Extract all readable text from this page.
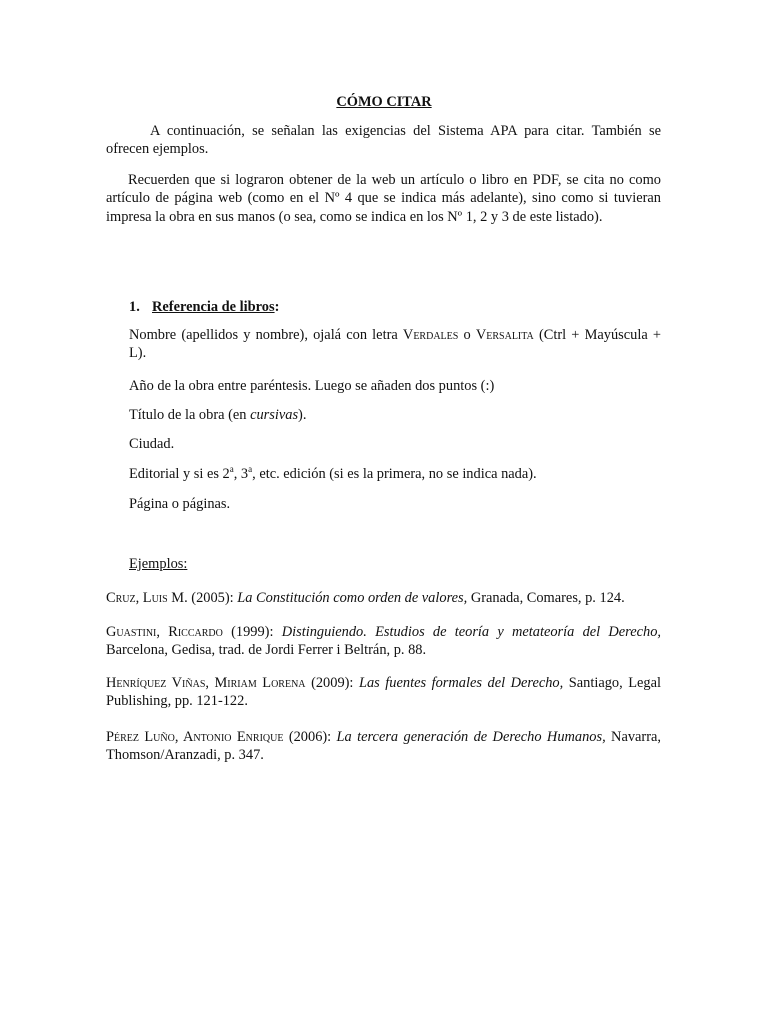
CÓMO CITAR

A continuación, se señalan las exigencias del Sistema APA para citar. También se ofrecen ejemplos.

Recuerden que si lograron obtener de la web un artículo o libro en PDF, se cita no como artículo de página web (como en el Nº 4 que se indica más adelante), sino como si tuvieran impresa la obra en sus manos (o sea, como se indica en los Nº 1, 2 y 3 de este listado).

1. Referencia de libros:

Nombre (apellidos y nombre), ojalá con letra Verdales o Versalita (Ctrl + Mayúscula + L).

Año de la obra entre paréntesis. Luego se añaden dos puntos (:)

Título de la obra (en cursivas).

Ciudad.

Editorial y si es 2$^a$, 3$^a$, etc. edición (si es la primera, no se indica nada).

Página o páginas.

Ejemplos:

Cruz, Luis M. (2005): La Constitución como orden de valores, Granada, Comares, p. 124.

Guastini, Riccardo (1999): Distinguiendo. Estudios de teoría y metateoría del Derecho, Barcelona, Gedisa, trad. de Jordi Ferrer i Beltrán, p. 88.

Henríquez Viñas, Miriam Lorena (2009): Las fuentes formales del Derecho, Santiago, Legal Publishing, pp. 121-122.

Pérez Luño, Antonio Enrique (2006): La tercera generación de Derecho Humanos, Navarra, Thomson/Aranzadi, p. 347.
